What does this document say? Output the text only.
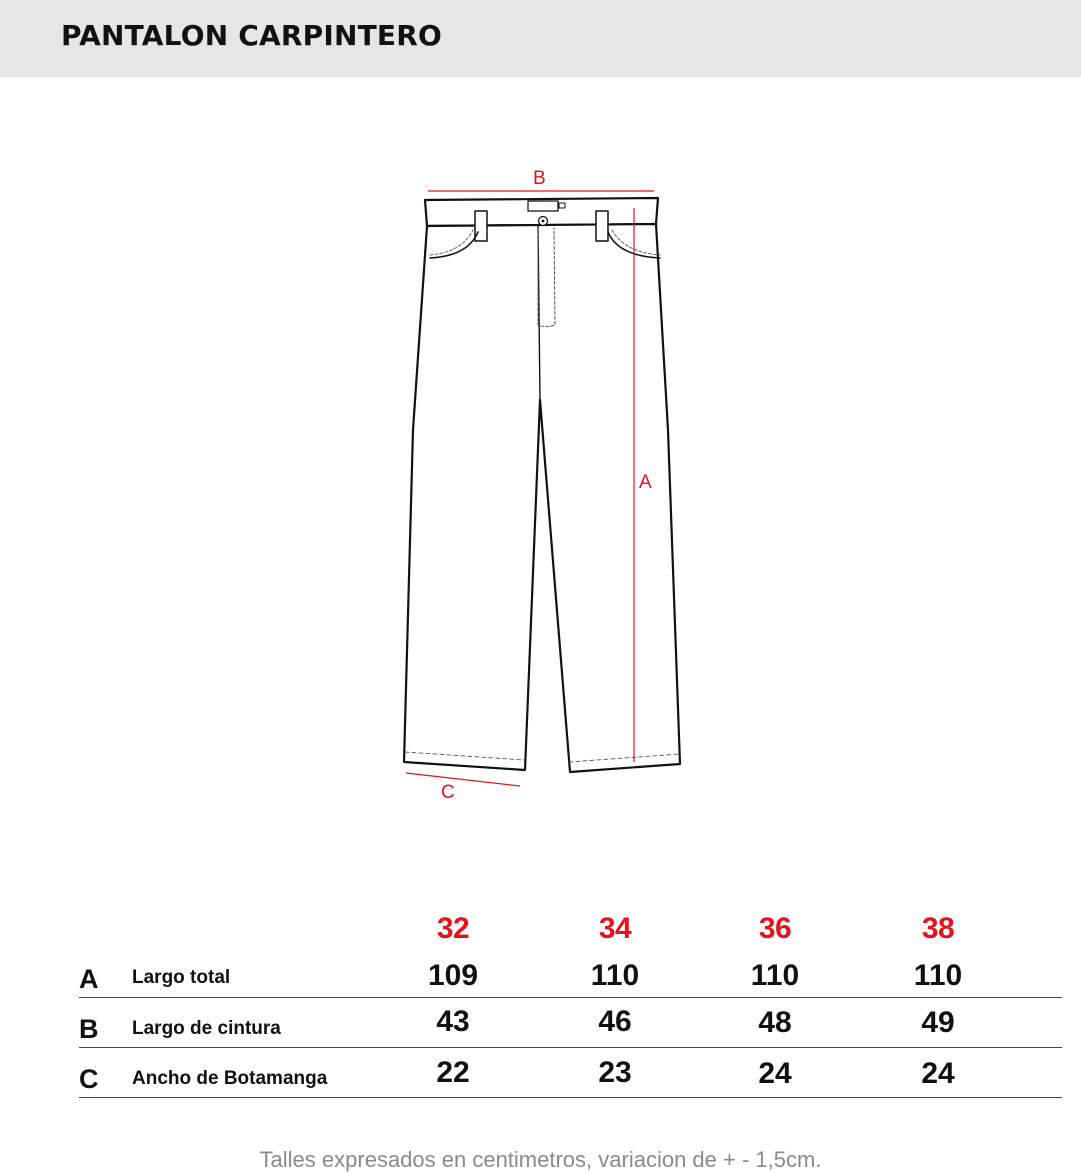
PANTALON CARPINTERO
B
A
C
32	34	36	38
A Largo total	109	110	110	110
B Largo de cintura	43	46	48	49
C Ancho de Botamanga	22	23	24	24
Talles expresados en centimetros, variacion de + - 1,5cm.
